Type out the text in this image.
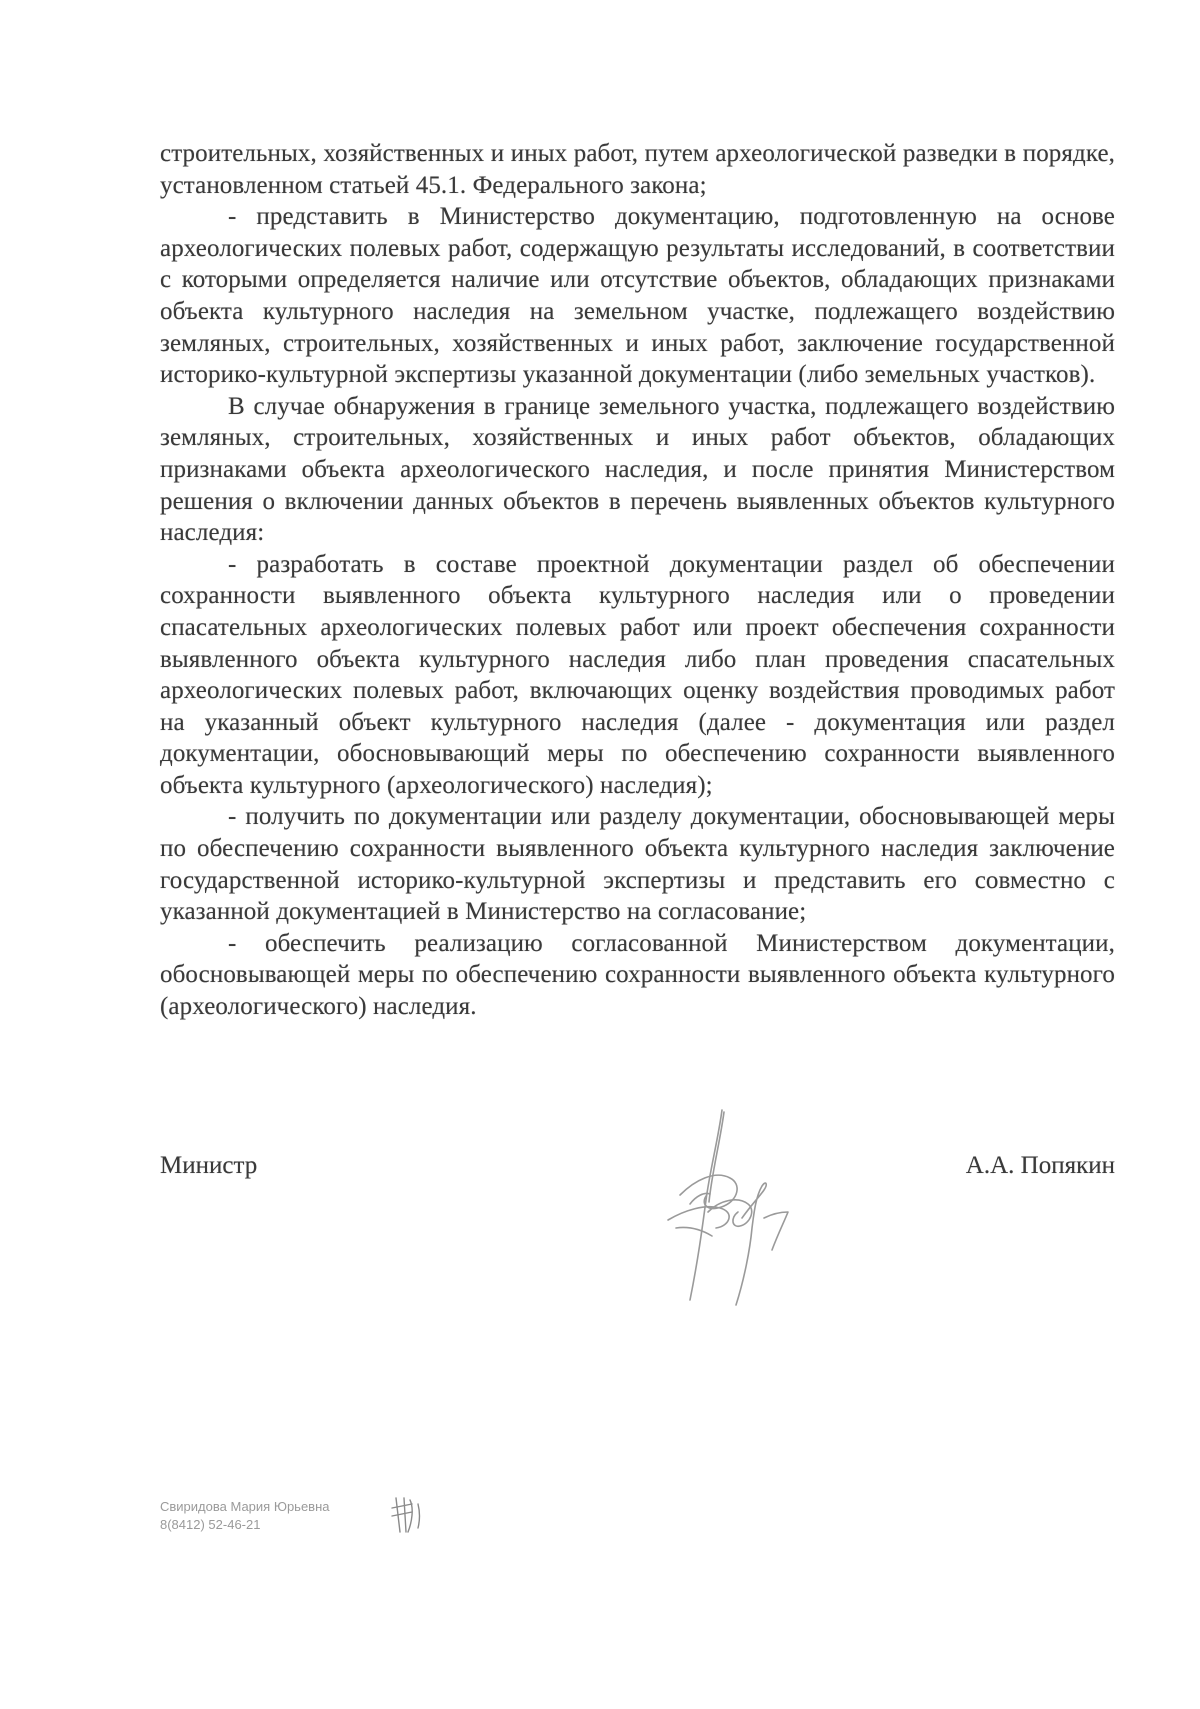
строительных, хозяйственных и иных работ, путем археологической разведки в порядке, установленном статьей 45.1. Федерального закона;

- представить в Министерство документацию, подготовленную на основе археологических полевых работ, содержащую результаты исследований, в соответствии с которыми определяется наличие или отсутствие объектов, обладающих признаками объекта культурного наследия на земельном участке, подлежащего воздействию земляных, строительных, хозяйственных и иных работ, заключение государственной историко-культурной экспертизы указанной документации (либо земельных участков).

В случае обнаружения в границе земельного участка, подлежащего воздействию земляных, строительных, хозяйственных и иных работ объектов, обладающих признаками объекта археологического наследия, и после принятия Министерством решения о включении данных объектов в перечень выявленных объектов культурного наследия:

- разработать в составе проектной документации раздел об обеспечении сохранности выявленного объекта культурного наследия или о проведении спасательных археологических полевых работ или проект обеспечения сохранности выявленного объекта культурного наследия либо план проведения спасательных археологических полевых работ, включающих оценку воздействия проводимых работ на указанный объект культурного наследия (далее - документация или раздел документации, обосновывающий меры по обеспечению сохранности выявленного объекта культурного (археологического) наследия);

- получить по документации или разделу документации, обосновывающей меры по обеспечению сохранности выявленного объекта культурного наследия заключение государственной историко-культурной экспертизы и представить его совместно с указанной документацией в Министерство на согласование;

- обеспечить реализацию согласованной Министерством документации, обосновывающей меры по обеспечению сохранности выявленного объекта культурного (археологического) наследия.

Министр	А.А. Попякин
Свиридова Мария Юрьевна
8(8412) 52-46-21
